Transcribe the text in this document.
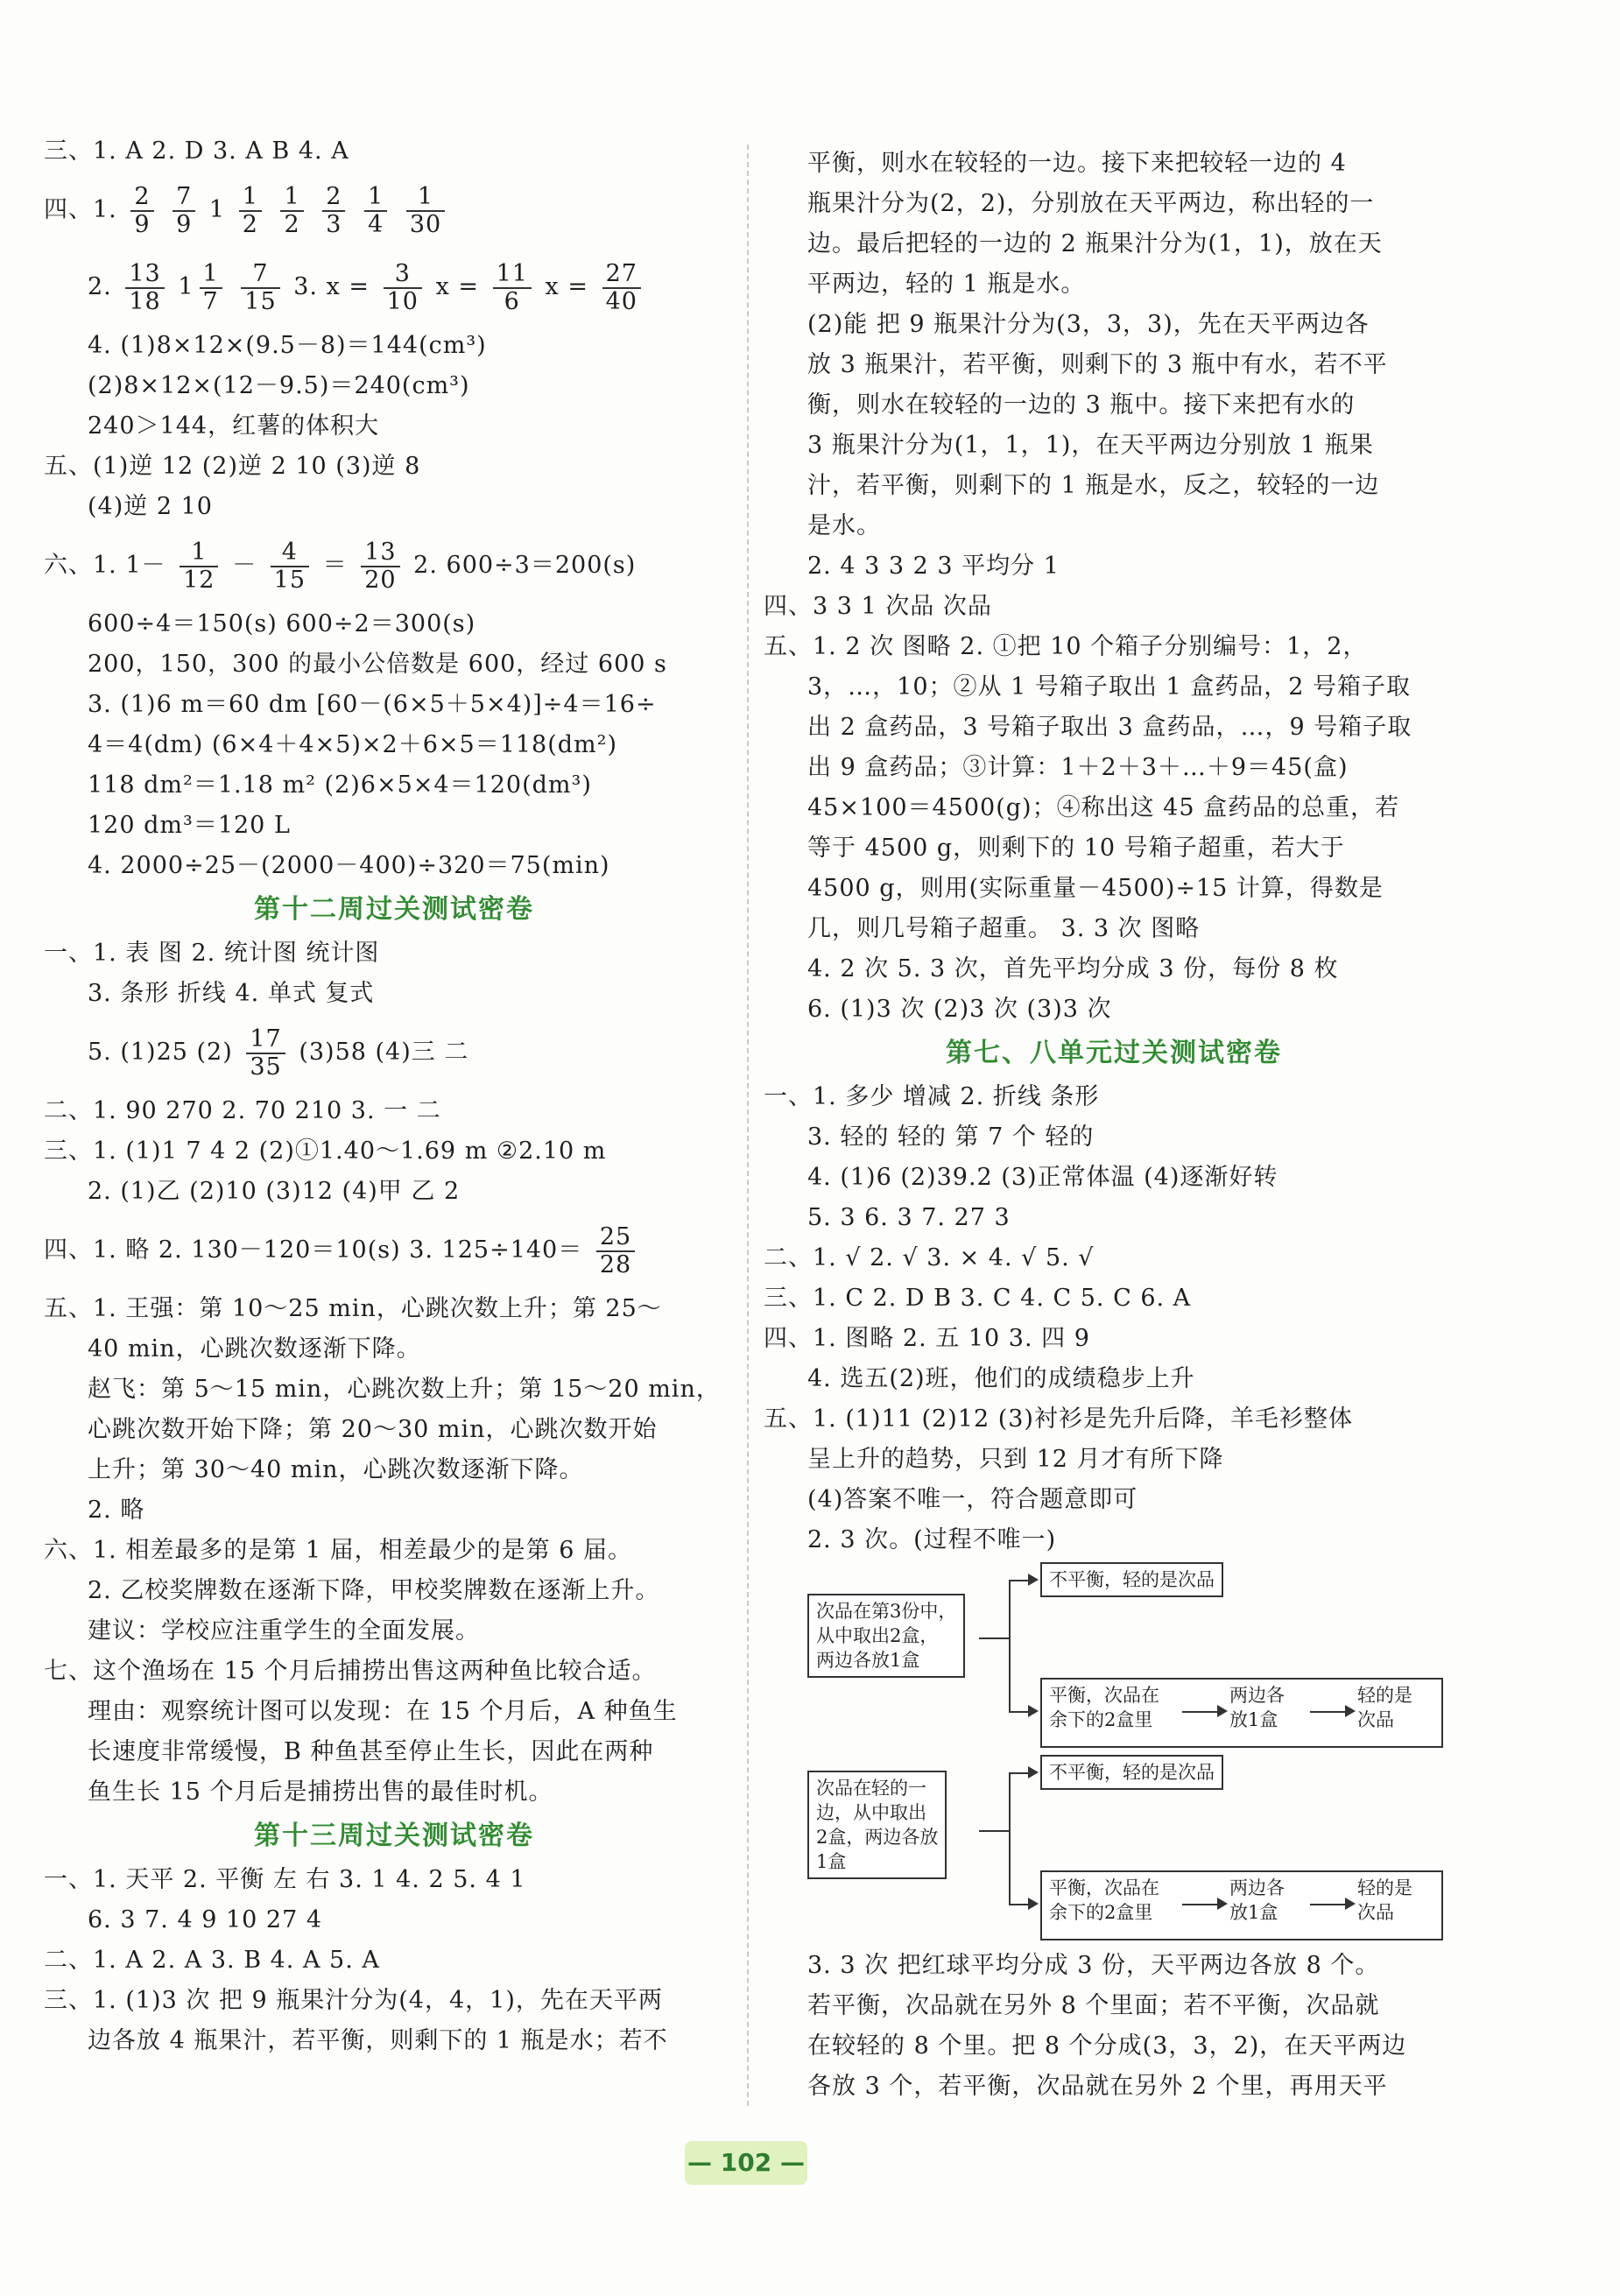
三、1. A 2. D 3. A B 4. A
四、1. $\frac{2}{9}$
$\frac{7}{9} 1 \frac{1}{2}$
$\frac{1}{2}$
$\frac{2}{3}$
$\frac{1}{4}$
$\frac{1}{30}$
2. $\frac{13}{18} 1 \frac{1}{7}$
$\frac{7}{15} 3$. $x = \frac{3}{10}$ $x = \frac{11}{6}$ $x = \frac{27}{40}$
4. (1)8×12×(9.5－8)＝144(cm³)
(2)8×12×(12－9.5)＝240(cm³)
240＞144，红薯的体积大
五、(1)逆 12 (2)逆 2 10 (3)逆 8
(4)逆 2 10
六、1. $1- \frac{1}{12} - \frac{4}{15} = \frac{13}{20} 2$. 600÷3＝200(s)
600÷4＝150(s) 600÷2＝300(s)
200，150，300 的最小公倍数是 600，经过 600 s
3. (1)6 m＝60 dm [60－(6×5＋5×4)]÷4＝16÷
4＝4(dm) (6×4＋4×5)×2＋6×5＝118(dm²)
118 dm²＝1.18 m² (2)6×5×4＝120(dm³)
120 dm³＝120 L
4. 2000÷25－(2000－400)÷320＝75(min)
第十二周过关测试密卷
一、1. 表 图 2. 统计图 统计图
3. 条形 折线 4. 单式 复式
5. (1)25 $(2) \frac{17}{35} (3)58$ (4)三 二
二、1. 90 270 2. 70 210 3. 一 二
三、1. (1)1 7 4 2 (2)①1.40～1.69 m ②2.10 m
2. (1)乙 (2)10 (3)12 (4)甲 乙 2
四、1. 略 2. 130－120＝10(s) 3. $125\div 140= \frac{25}{28}$
五、1. 王强：第 10～25 min，心跳次数上升；第 25～
40 min，心跳次数逐渐下降。
赵飞：第 5～15 min，心跳次数上升；第 15～20 min，
心跳次数开始下降；第 20～30 min，心跳次数开始
上升；第 30～40 min，心跳次数逐渐下降。
2. 略
六、1. 相差最多的是第 1 届，相差最少的是第 6 届。
2. 乙校奖牌数在逐渐下降，甲校奖牌数在逐渐上升。
建议：学校应注重学生的全面发展。
七、这个渔场在 15 个月后捕捞出售这两种鱼比较合适。
理由：观察统计图可以发现：在 15 个月后，A 种鱼生
长速度非常缓慢，B 种鱼甚至停止生长，因此在两种
鱼生长 15 个月后是捕捞出售的最佳时机。
第十三周过关测试密卷
一、1. 天平 2. 平衡 左 右 3. 1 4. 2 5. 4 1
6. 3 7. 4 9 10 27 4
二、1. A 2. A 3. B 4. A 5. A
三、1. (1)3 次 把 9 瓶果汁分为(4，4，1)，先在天平两
边各放 4 瓶果汁，若平衡，则剩下的 1 瓶是水；若不
平衡，则水在较轻的一边。接下来把较轻一边的 4
瓶果汁分为(2，2)，分别放在天平两边，称出轻的一
边。最后把轻的一边的 2 瓶果汁分为(1，1)，放在天
平两边，轻的 1 瓶是水。
(2)能 把 9 瓶果汁分为(3，3，3)，先在天平两边各
放 3 瓶果汁，若平衡，则剩下的 3 瓶中有水，若不平
衡，则水在较轻的一边的 3 瓶中。接下来把有水的
3 瓶果汁分为(1，1，1)，在天平两边分别放 1 瓶果
汁，若平衡，则剩下的 1 瓶是水，反之，较轻的一边
是水。
2. 4 3 3 2 3 平均分 1
四、3 3 1 次品 次品
五、1. 2 次 图略 2. ①把 10 个箱子分别编号：1，2，
3，…，10；②从 1 号箱子取出 1 盒药品，2 号箱子取
出 2 盒药品，3 号箱子取出 3 盒药品，…，9 号箱子取
出 9 盒药品；③计算：1＋2＋3＋…＋9＝45(盒)
45×100＝4500(g)；④称出这 45 盒药品的总重，若
等于 4500 g，则剩下的 10 号箱子超重，若大于
4500 g，则用(实际重量－4500)÷15 计算，得数是
几，则几号箱子超重。 3. 3 次 图略
4. 2 次 5. 3 次，首先平均分成 3 份，每份 8 枚
6. (1)3 次 (2)3 次 (3)3 次
第七、八单元过关测试密卷
一、1. 多少 增减 2. 折线 条形
3. 轻的 轻的 第 7 个 轻的
4. (1)6 (2)39.2 (3)正常体温 (4)逐渐好转
5. 3 6. 3 7. 27 3
二、1. √ 2. √ 3. × 4. √ 5. √
三、1. C 2. D B 3. C 4. C 5. C 6. A
四、1. 图略 2. 五 10 3. 四 9
4. 选五(2)班，他们的成绩稳步上升
五、1. (1)11 (2)12 (3)衬衫是先升后降，羊毛衫整体
呈上升的趋势，只到 12 月才有所下降
(4)答案不唯一，符合题意即可
2. 3 次。(过程不唯一)
次品在第3份中，
从中取出2盒，
两边各放1盒
不平衡，轻的是次品
平衡，次品在
余下的2盒里
两边各
放1盒
轻的是
次品
次品在轻的一
边，从中取出
2盒，两边各放
1盒
不平衡，轻的是次品
平衡，次品在
余下的2盒里
两边各
放1盒
轻的是
次品
3. 3 次 把红球平均分成 3 份，天平两边各放 8 个。
若平衡，次品就在另外 8 个里面；若不平衡，次品就
在较轻的 8 个里。把 8 个分成(3，3，2)，在天平两边
各放 3 个，若平衡，次品就在另外 2 个里，再用天平
— 102 —
